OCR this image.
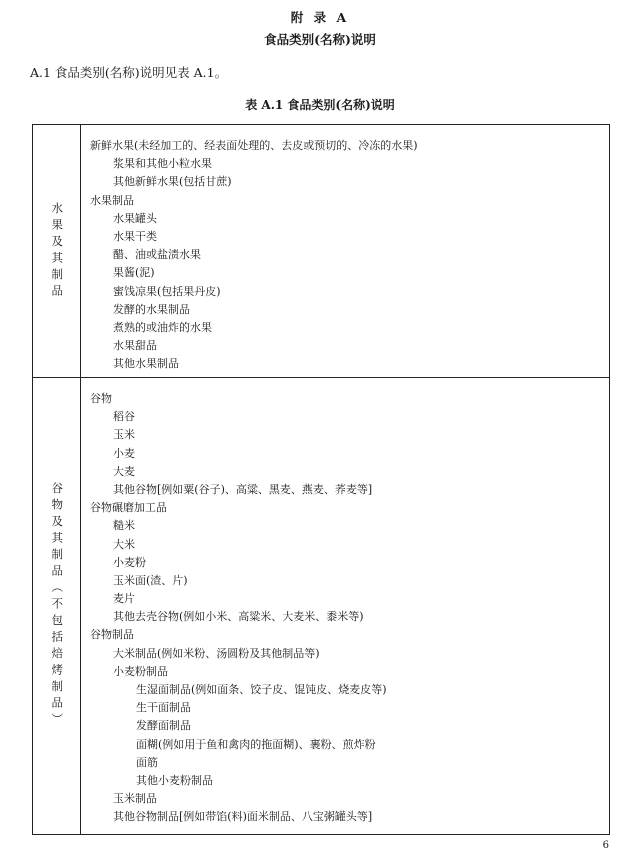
附 录 A
食品类别(名称)说明
A.1 食品类别(名称)说明见表 A.1。
表 A.1 食品类别(名称)说明
水果及其制品
新鲜水果(未经加工的、经表面处理的、去皮或预切的、冷冻的水果)
浆果和其他小粒水果
其他新鲜水果(包括甘蔗)
水果制品
水果罐头
水果干类
醋、油或盐渍水果
果酱(泥)
蜜饯凉果(包括果丹皮)
发酵的水果制品
煮熟的或油炸的水果
水果甜品
其他水果制品
谷物及其制品︵不包括焙烤制品︶
谷物
稻谷
玉米
小麦
大麦
其他谷物[例如粟(谷子)、高粱、黑麦、燕麦、荞麦等]
谷物碾磨加工品
糙米
大米
小麦粉
玉米面(渣、片)
麦片
其他去壳谷物(例如小米、高粱米、大麦米、黍米等)
谷物制品
大米制品(例如米粉、汤圆粉及其他制品等)
小麦粉制品
生湿面制品(例如面条、饺子皮、馄饨皮、烧麦皮等)
生干面制品
发酵面制品
面糊(例如用于鱼和禽肉的拖面糊)、裹粉、煎炸粉
面筋
其他小麦粉制品
玉米制品
其他谷物制品[例如带馅(料)面米制品、八宝粥罐头等]
6
